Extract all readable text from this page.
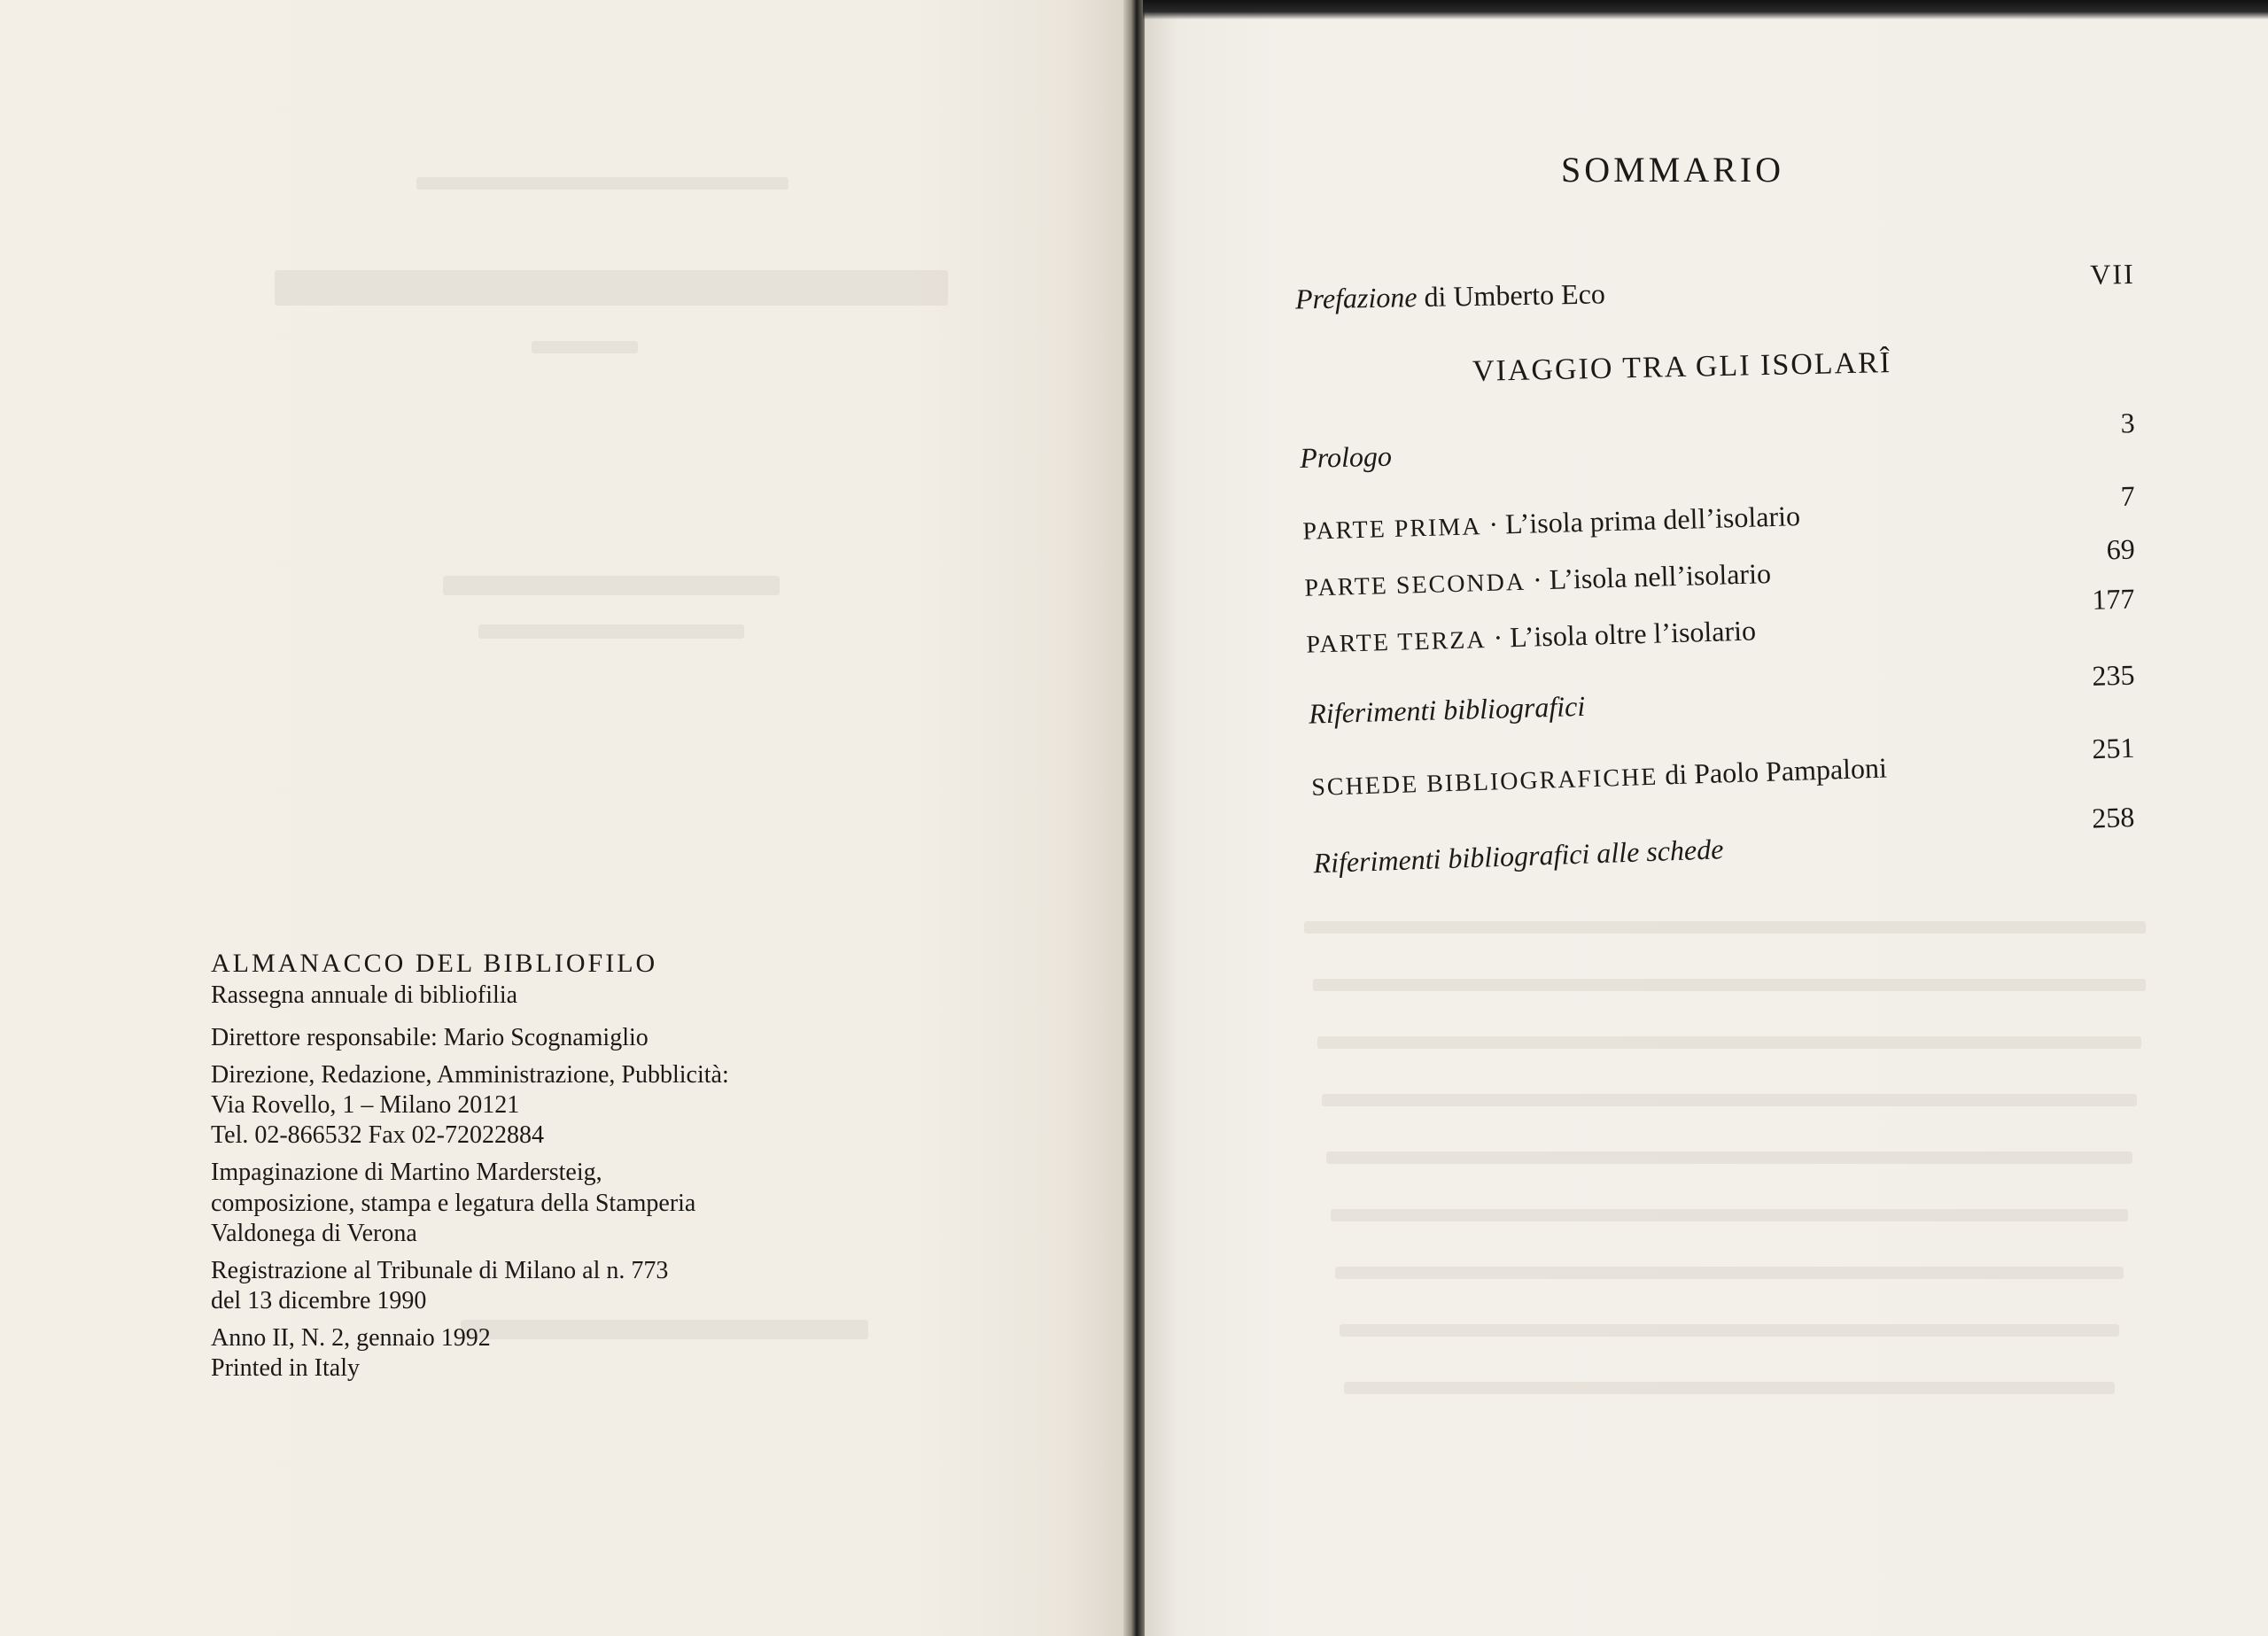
ALMANACCO DEL BIBLIOFILO

Rassegna annuale di bibliofilia

Direttore responsabile: Mario Scognamiglio

Direzione, Redazione, Amministrazione, Pubblicità:

Via Rovello, 1 – Milano 20121

Tel. 02-866532 Fax 02-72022884

Impaginazione di Martino Mardersteig,

composizione, stampa e legatura della Stamperia

Valdonega di Verona

Registrazione al Tribunale di Milano al n. 773

del 13 dicembre 1990

Anno II, N. 2, gennaio 1992

Printed in Italy

SOMMARIO
Prefazione di Umberto Eco
VII
VIAGGIO TRA GLI ISOLARÎ
Prologo
3
PARTE PRIMA · L’isola prima dell’isolario
7
PARTE SECONDA · L’isola nell’isolario
69
PARTE TERZA · L’isola oltre l’isolario
177
Riferimenti bibliografici
235
SCHEDE BIBLIOGRAFICHE di Paolo Pampaloni
251
Riferimenti bibliografici alle schede
258
